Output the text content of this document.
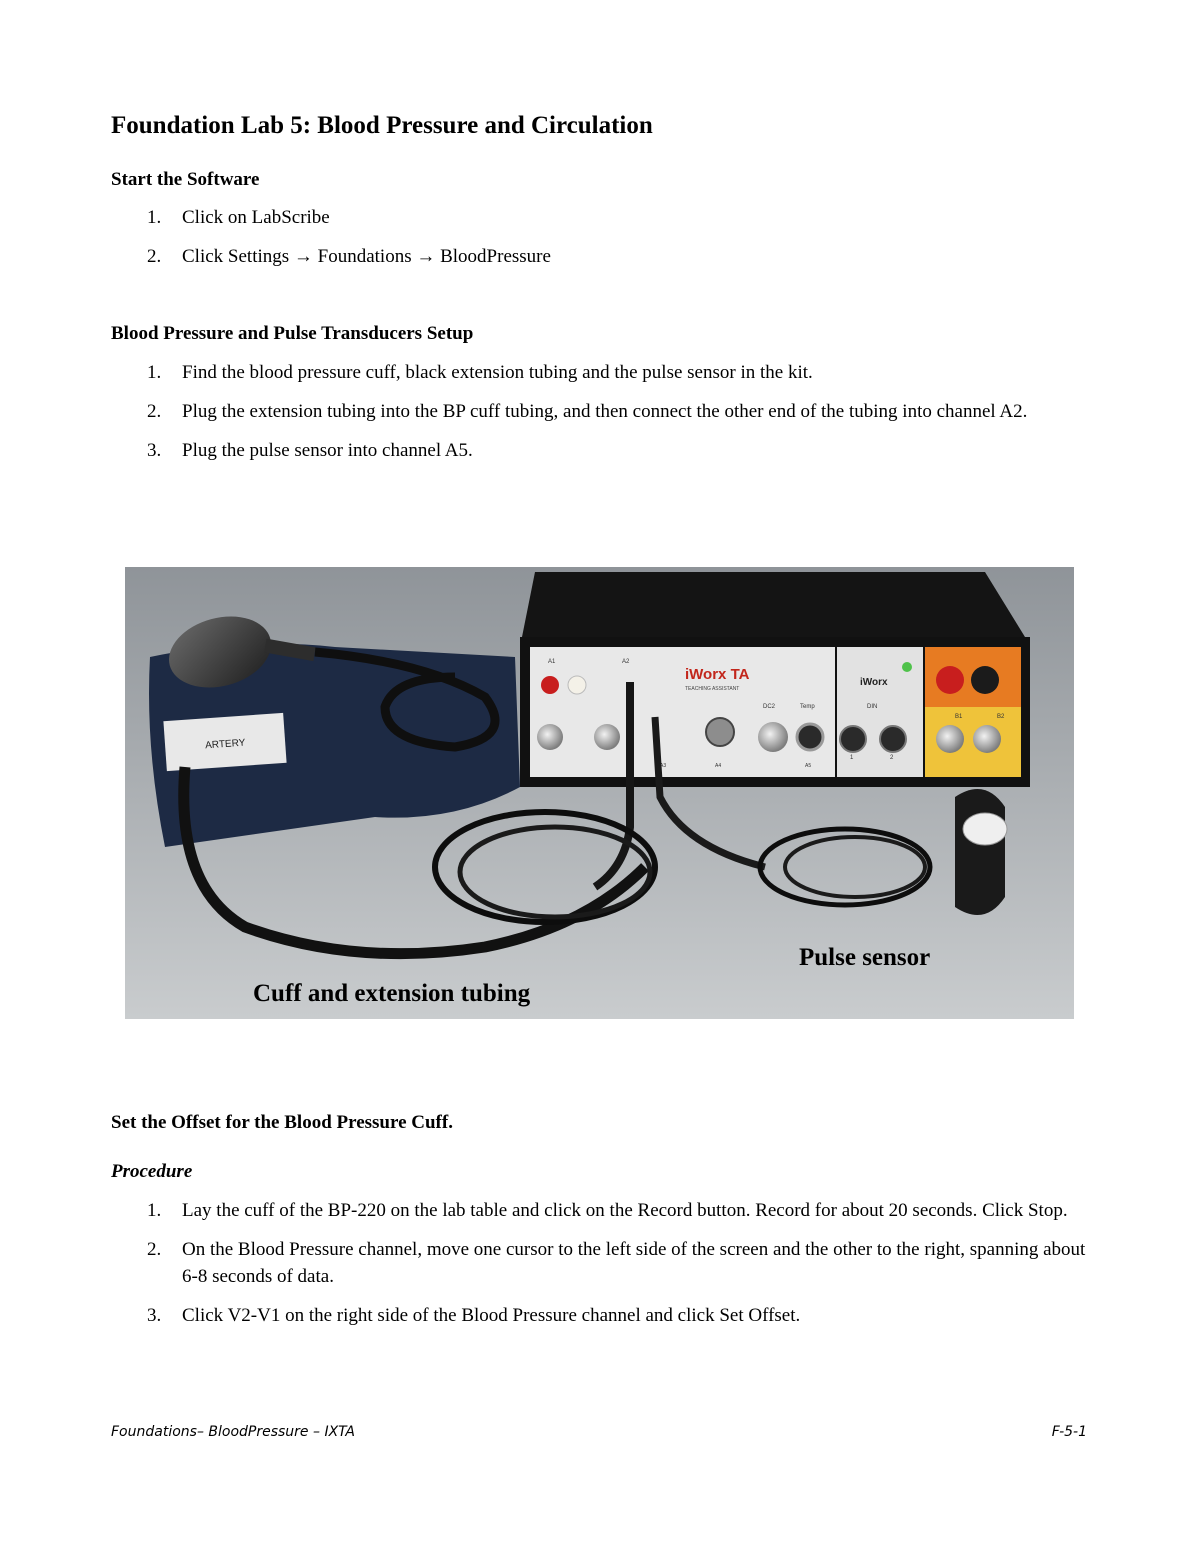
Foundation Lab 5: Blood Pressure and Circulation
Start the Software
1. Click on LabScribe
2. Click Settings → Foundations → BloodPressure
Blood Pressure and Pulse Transducers Setup
1. Find the blood pressure cuff, black extension tubing and the pulse sensor in the kit.
2. Plug the extension tubing into the BP cuff tubing, and then connect the other end of the tubing into channel A2.
3. Plug the pulse sensor into channel A5.
iWorx TA
TEACHING ASSISTANT
iWorx
A1	A2
A3	A4	A5
DC2	Temp	DIN
1	2
B1	B2
ARTERY
Cuff and extension tubing
Pulse sensor
Set the Offset for the Blood Pressure Cuff.
Procedure
1. Lay the cuff of the BP-220 on the lab table and click on the Record button. Record for about 20 seconds. Click Stop.
2. On the Blood Pressure channel, move one cursor to the left side of the screen and the other to the right, spanning about 6-8 seconds of data.
3. Click V2-V1 on the right side of the Blood Pressure channel and click Set Offset.
Foundations– BloodPressure – IXTA	F-5-1
